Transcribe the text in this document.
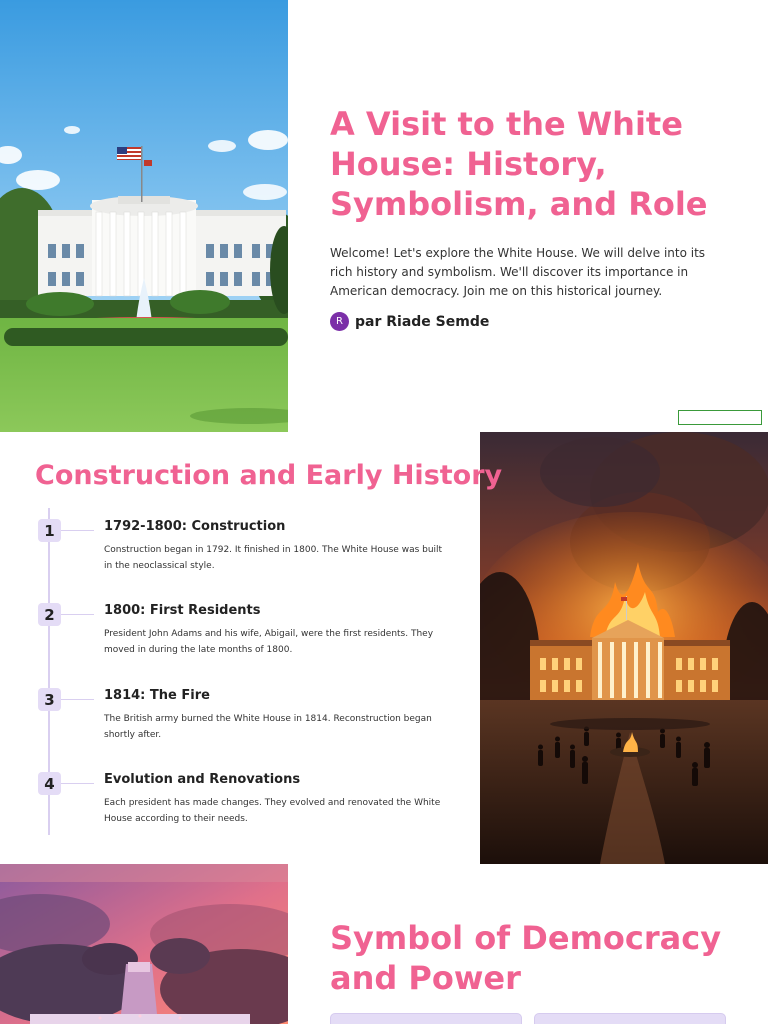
A Visit to the White House: History, Symbolism, and Role

Welcome! Let's explore the White House. We will delve into its rich history and symbolism. We'll discover its importance in American democracy. Join me on this historical journey.

R par Riade Semde
Construction and Early History
1	1792-1800: Construction
Construction began in 1792. It finished in 1800. The White House was built in the neoclassical style.
2	1800: First Residents
President John Adams and his wife, Abigail, were the first residents. They moved in during the late months of 1800.
3	1814: The Fire
The British army burned the White House in 1814. Reconstruction began shortly after.
4	Evolution and Renovations
Each president has made changes. They evolved and renovated the White House according to their needs.
Symbol of Democracy and Power
